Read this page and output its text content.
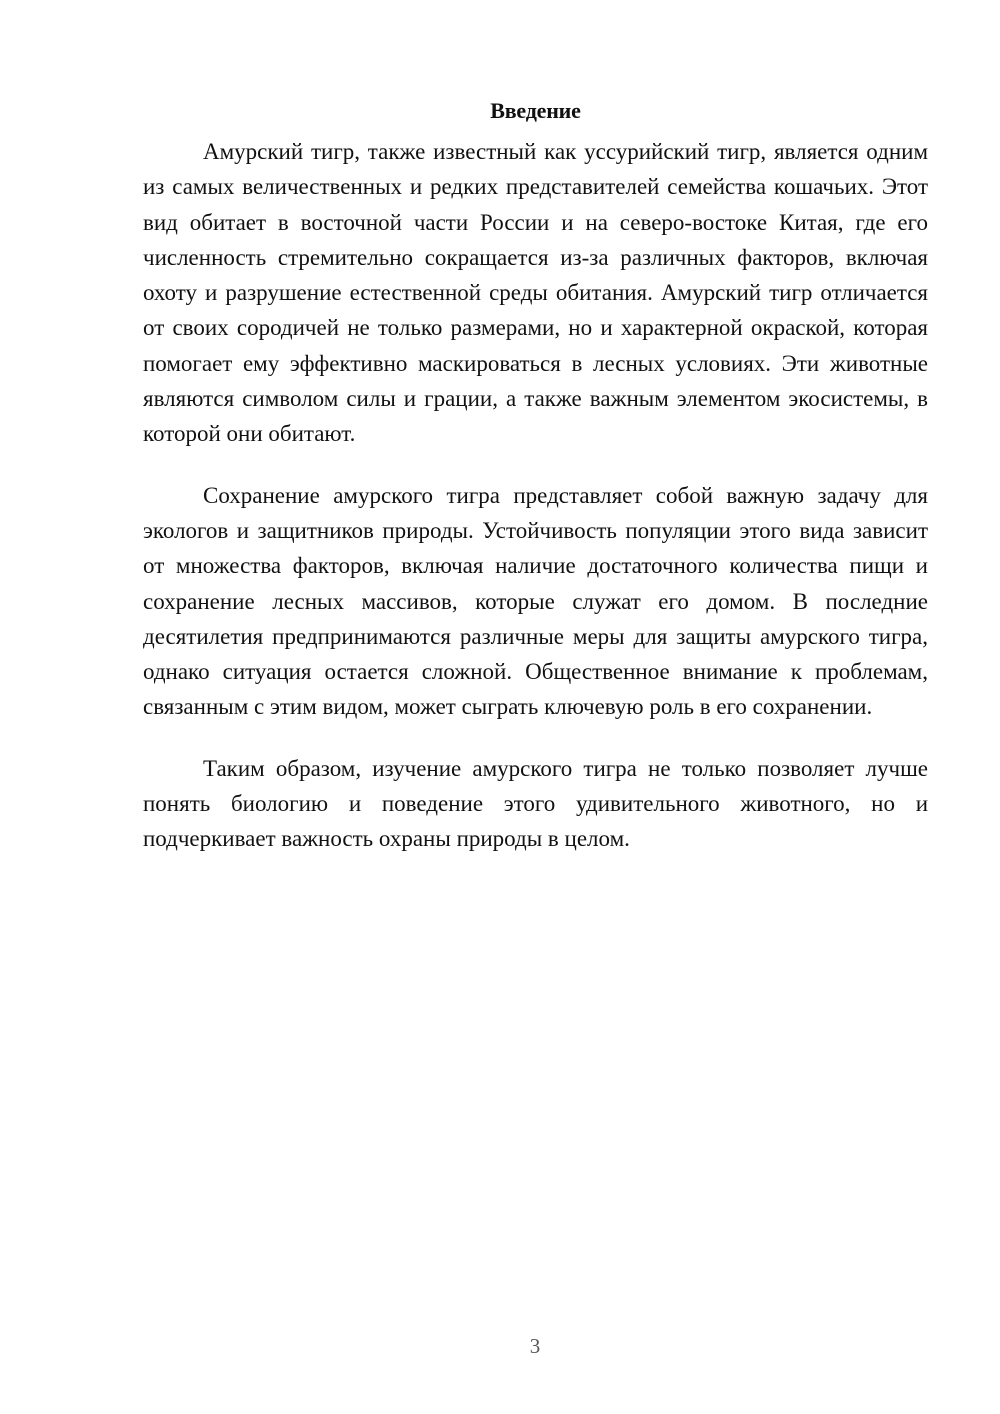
Введение

Амурский тигр, также известный как уссурийский тигр, является одним из самых величественных и редких представителей семейства кошачьих. Этот вид обитает в восточной части России и на северо-востоке Китая, где его численность стремительно сокращается из-за различных факторов, включая охоту и разрушение естественной среды обитания. Амурский тигр отличается от своих сородичей не только размерами, но и характерной окраской, которая помогает ему эффективно маскироваться в лесных условиях. Эти животные являются символом силы и грации, а также важным элементом экосистемы, в которой они обитают.

Сохранение амурского тигра представляет собой важную задачу для экологов и защитников природы. Устойчивость популяции этого вида зависит от множества факторов, включая наличие достаточного количества пищи и сохранение лесных массивов, которые служат его домом. В последние десятилетия предпринимаются различные меры для защиты амурского тигра, однако ситуация остается сложной. Общественное внимание к проблемам, связанным с этим видом, может сыграть ключевую роль в его сохранении.

Таким образом, изучение амурского тигра не только позволяет лучше понять биологию и поведение этого удивительного животного, но и подчеркивает важность охраны природы в целом.

3
